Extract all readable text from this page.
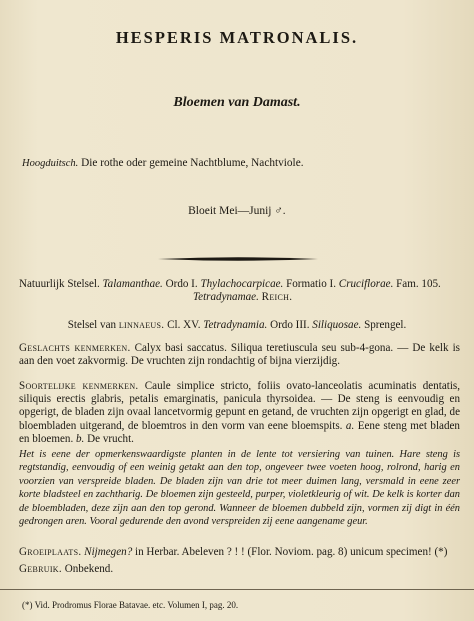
HESPERIS MATRONALIS.
Bloemen van Damast.
Hoogduitsch. Die rothe oder gemeine Nachtblume, Nachtviole.
Bloeit Mei—Junij ♂.
Natuurlijk Stelsel. Talamanthae. Ordo I. Thylachocarpicae. Formatio I. Cruciflorae. Fam. 105.
Tetradynamae. Reich.
Stelsel van linnaeus. Cl. XV. Tetradynamia. Ordo III. Siliquosae. Sprengel.
Geslachts kenmerken. Calyx basi saccatus. Siliqua teretiuscula seu sub-4-gona. — De kelk is aan den voet zakvormig. De vruchten zijn rondachtig of bijna vierzijdig.
Soortelijke kenmerken. Caule simplice stricto, foliis ovato-lanceolatis acuminatis dentatis, siliquis erectis glabris, petalis emarginatis, panicula thyrsoidea. — De steng is eenvoudig en opgerigt, de bladen zijn ovaal lancetvormig gepunt en getand, de vruchten zijn opgerigt en glad, de bloembladen uitgerand, de bloemtros in den vorm van eene bloemspits. a. Eene steng met bladen en bloemen. b. De vrucht.
Het is eene der opmerkenswaardigste planten in de lente tot versiering van tuinen. Hare steng is regtstandig, eenvoudig of een weinig getakt aan den top, ongeveer twee voeten hoog, rolrond, harig en voorzien van verspreide bladen. De bladen zijn van drie tot meer duimen lang, versmald in eene zeer korte bladsteel en zachtharig. De bloemen zijn gesteeld, purper, violetkleurig of wit. De kelk is korter dan de bloembladen, deze zijn aan den top gerond. Wanneer de bloemen dubbeld zijn, vormen zij digt in één gedrongen aren. Vooral gedurende den avond verspreiden zij eene aangename geur.
Groeiplaats. Nijmegen? in Herbar. Abeleven ? ! ! (Flor. Noviom. pag. 8) unicum specimen! (*)
Gebruik. Onbekend.
(*) Vid. Prodromus Florae Batavae. etc. Volumen I, pag. 20.
